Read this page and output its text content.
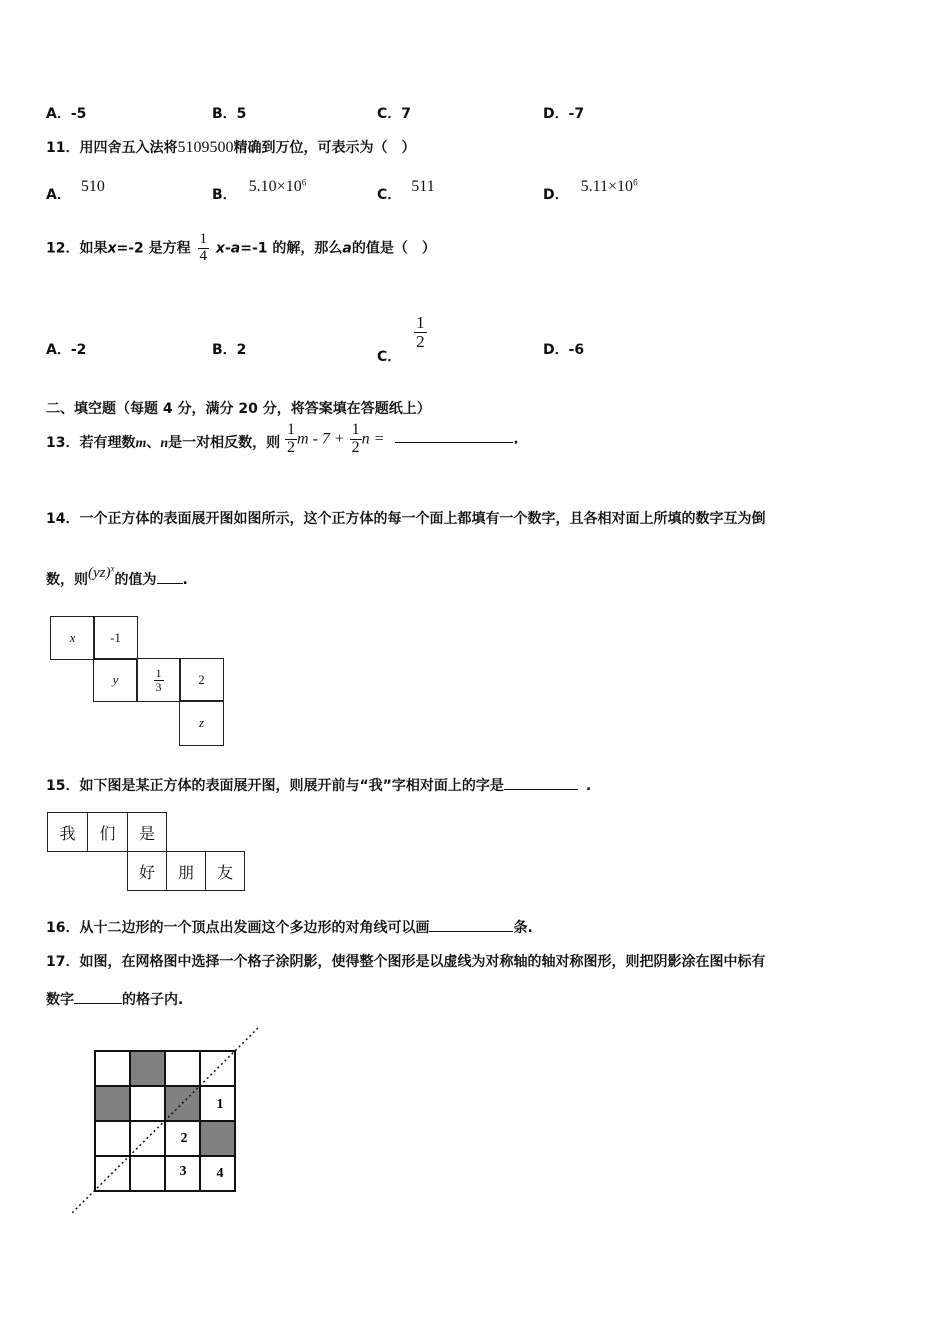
A．-5	B．5	C．7	D．-7
11．用四舍五入法将5109500精确到万位，可表示为（　）
A． 510	B． $5.10\times 10^6$
C． 511	D． $5.11\times 10^6$
12．如果x=-2 是方程 $\frac{1}{4} x-a=-1$ 的解，那么a的值是（　）
A．-2	B．2	C．
$\frac{1}{2}$	D．-6
二、填空题（每题 4 分，满分 20 分，将答案填在答题纸上）
13．若有理数m、n是一对相反数，则 $\frac{1}{2}$ $m - 7 + \frac{1}{2}$ n =	.
14．一个正方体的表面展开图如图所示，这个正方体的每一个面上都填有一个数字，且各相对面上所填的数字互为倒
数，则(yz)$^x$的值为 .
x	-1
y	$\frac{1}{3}$	2
z
15．如下图是某正方体的表面展开图，则展开前与“我”字相对面上的字是	.
我	们	是
好	朋	友
16．从十二边形的一个顶点出发画这个多边形的对角线可以画	条.
17．如图，在网格图中选择一个格子涂阴影，使得整个图形是以虚线为对称轴的轴对称图形，则把阴影涂在图中标有
数字	的格子内.
1
2
3 4
